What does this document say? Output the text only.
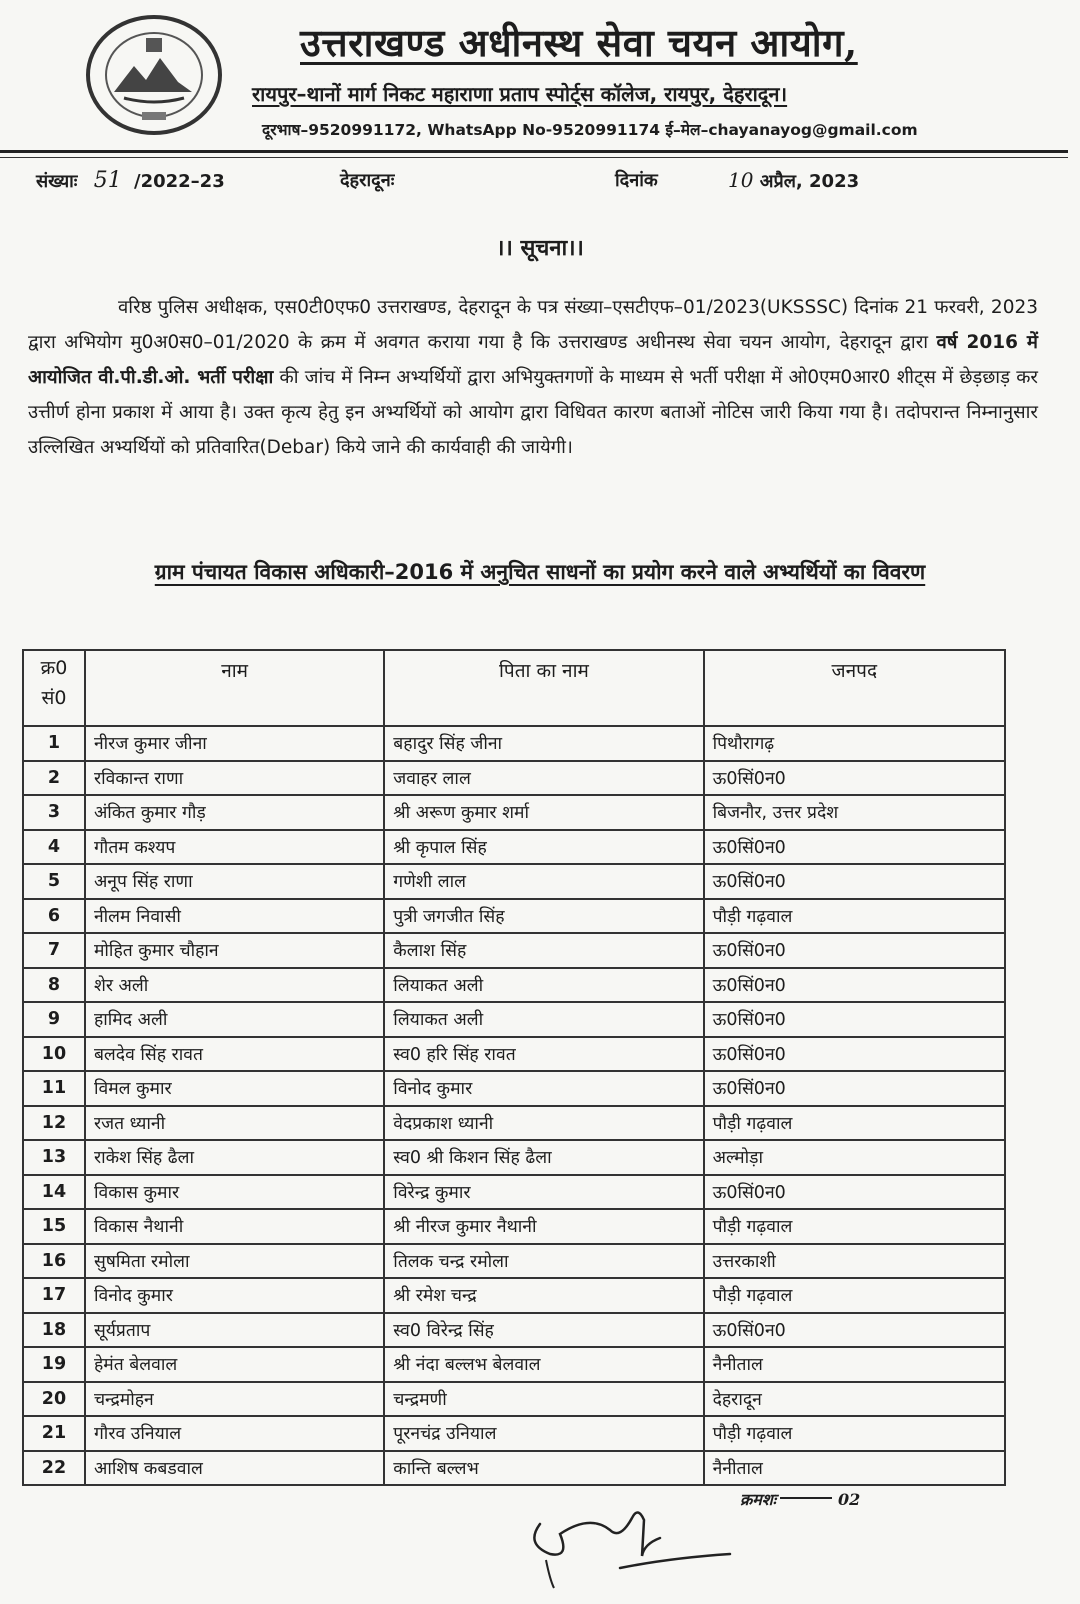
उत्तराखण्ड अधीनस्थ सेवा चयन आयोग,
रायपुर–थानों मार्ग निकट महाराणा प्रताप स्पोर्ट्स कॉलेज, रायपुर, देहरादून।
दूरभाष–9520991172, WhatsApp No-9520991174 ई–मेल–chayanayog@gmail.com
संख्याः 51 /2022–23	देहरादूनः	दिनांक	10 अप्रैल, 2023
।। सूचना।।
वरिष्ठ पुलिस अधीक्षक, एस0टी0एफ0 उत्तराखण्ड, देहरादून के पत्र संख्या–एसटीएफ–01/2023(UKSSSC) दिनांक 21 फरवरी, 2023 द्वारा अभियोग मु0अ0स0–01/2020 के क्रम में अवगत कराया गया है कि उत्तराखण्ड अधीनस्थ सेवा चयन आयोग, देहरादून द्वारा वर्ष 2016 में आयोजित वी.पी.डी.ओ. भर्ती परीक्षा की जांच में निम्न अभ्यर्थियों द्वारा अभियुक्तगणों के माध्यम से भर्ती परीक्षा में ओ0एम0आर0 शीट्स में छेड़छाड़ कर उत्तीर्ण होना प्रकाश में आया है। उक्त कृत्य हेतु इन अभ्यर्थियों को आयोग द्वारा विधिवत कारण बताओं नोटिस जारी किया गया है। तदोपरान्त निम्नानुसार उल्लिखित अभ्यर्थियों को प्रतिवारित(Debar) किये जाने की कार्यवाही की जायेगी।
ग्राम पंचायत विकास अधिकारी–2016 में अनुचित साधनों का प्रयोग करने वाले अभ्यर्थियों का विवरण
क्र0
सं0	नाम	पिता का नाम	जनपद
1	नीरज कुमार जीना	बहादुर सिंह जीना	पिथौरागढ़
2	रविकान्त राणा	जवाहर लाल	ऊ0सिं0न0
3	अंकित कुमार गौड़	श्री अरूण कुमार शर्मा	बिजनौर, उत्तर प्रदेश
4	गौतम कश्यप	श्री कृपाल सिंह	ऊ0सिं0न0
5	अनूप सिंह राणा	गणेशी लाल	ऊ0सिं0न0
6	नीलम निवासी	पुत्री जगजीत सिंह	पौड़ी गढ़वाल
7	मोहित कुमार चौहान	कैलाश सिंह	ऊ0सिं0न0
8	शेर अली	लियाकत अली	ऊ0सिं0न0
9	हामिद अली	लियाकत अली	ऊ0सिं0न0
10	बलदेव सिंह रावत	स्व0 हरि सिंह रावत	ऊ0सिं0न0
11	विमल कुमार	विनोद कुमार	ऊ0सिं0न0
12	रजत ध्यानी	वेदप्रकाश ध्यानी	पौड़ी गढ़वाल
13	राकेश सिंह ढैला	स्व0 श्री किशन सिंह ढैला	अल्मोड़ा
14	विकास कुमार	विरेन्द्र कुमार	ऊ0सिं0न0
15	विकास नैथानी	श्री नीरज कुमार नैथानी	पौड़ी गढ़वाल
16	सुषमिता रमोला	तिलक चन्द्र रमोला	उत्तरकाशी
17	विनोद कुमार	श्री रमेश चन्द्र	पौड़ी गढ़वाल
18	सूर्यप्रताप	स्व0 विरेन्द्र सिंह	ऊ0सिं0न0
19	हेमंत बेलवाल	श्री नंदा बल्लभ बेलवाल	नैनीताल
20	चन्द्रमोहन	चन्द्रमणी	देहरादून
21	गौरव उनियाल	पूरनचंद्र उनियाल	पौड़ी गढ़वाल
22	आशिष कबडवाल	कान्ति बल्लभ	नैनीताल
क्रमशः	02
